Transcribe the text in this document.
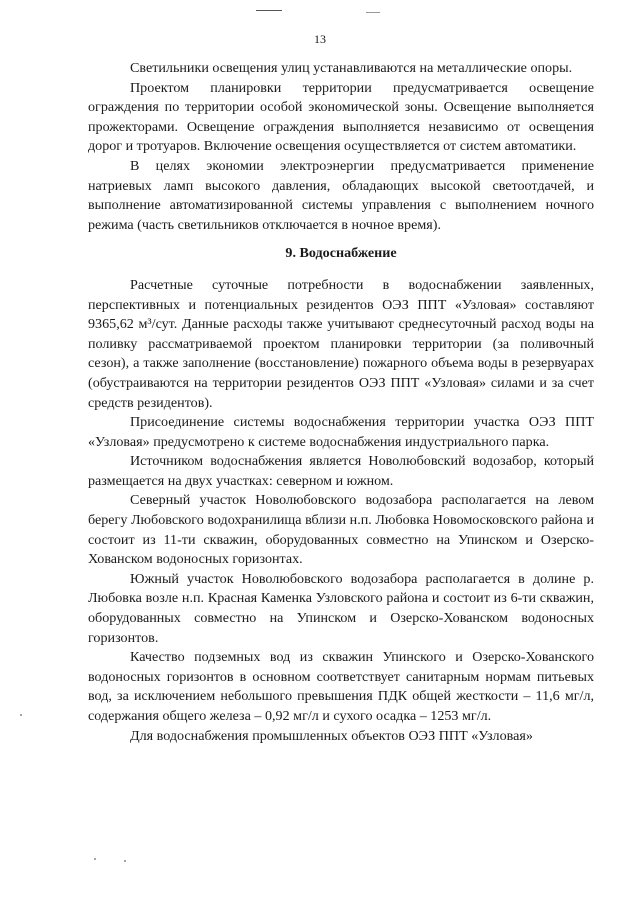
13

Светильники освещения улиц устанавливаются на металлические опоры.

Проектом планировки территории предусматривается освещение ограждения по территории особой экономической зоны. Освещение выполняется прожекторами. Освещение ограждения выполняется независимо от освещения дорог и тротуаров. Включение освещения осуществляется от систем автоматики.

В целях экономии электроэнергии предусматривается применение натриевых ламп высокого давления, обладающих высокой светоотдачей, и выполнение автоматизированной системы управления с выполнением ночного режима (часть светильников отключается в ночное время).

9. Водоснабжение

Расчетные суточные потребности в водоснабжении заявленных, перспективных и потенциальных резидентов ОЭЗ ППТ «Узловая» составляют 9365,62 м³/сут. Данные расходы также учитывают среднесуточный расход воды на поливку рассматриваемой проектом планировки территории (за поливочный сезон), а также заполнение (восстановление) пожарного объема воды в резервуарах (обустраиваются на территории резидентов ОЭЗ ППТ «Узловая» силами и за счет средств резидентов).

Присоединение системы водоснабжения территории участка ОЭЗ ППТ «Узловая» предусмотрено к системе водоснабжения индустриального парка.

Источником водоснабжения является Новолюбовский водозабор, который размещается на двух участках: северном и южном.

Северный участок Новолюбовского водозабора располагается на левом берегу Любовского водохранилища вблизи н.п. Любовка Новомосковского района и состоит из 11-ти скважин, оборудованных совместно на Упинском и Озерско-Хованском водоносных горизонтах.

Южный участок Новолюбовского водозабора располагается в долине р. Любовка возле н.п. Красная Каменка Узловского района и состоит из 6-ти скважин, оборудованных совместно на Упинском и Озерско-Хованском водоносных горизонтов.

Качество подземных вод из скважин Упинского и Озерско-Хованского водоносных горизонтов в основном соответствует санитарным нормам питьевых вод, за исключением небольшого превышения ПДК общей жесткости – 11,6 мг/л, содержания общего железа – 0,92 мг/л и сухого осадка – 1253 мг/л.

Для водоснабжения промышленных объектов ОЭЗ ППТ «Узловая»
